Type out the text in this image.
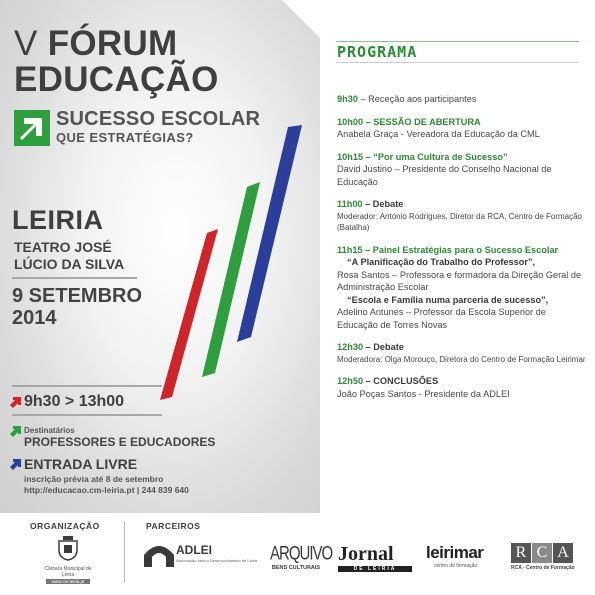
V FÓRUM
EDUCAÇÃO
SUCESSO ESCOLAR
QUE ESTRATÉGIAS?
LEIRIA
TEATRO JOSÉ
LÚCIO DA SILVA
9 SETEMBRO
2014
9h30 > 13h00
Destinatários
PROFESSORES E EDUCADORES
ENTRADA LIVRE
inscrição prévia até 8 de setembro
http://educacao.cm-leiria.pt | 244 839 640
PROGRAMA
9h30 – Receção aos participantes
10h00 – SESSÃO DE ABERTURA
Anabela Graça - Vereadora da Educação da CML
10h15 – “Por uma Cultura de Sucesso”
David Justino – Presidente do Conselho Nacional de Educação
11h00 – Debate
Moderador: António Rodrigues, Diretor da RCA, Centro de Formação (Batalha)
11h15 – Painel Estratégias para o Sucesso Escolar
“A Planificação do Trabalho do Professor”,
Rosa Santos – Professora e formadora da Direção Geral de Administração Escolar
“Escola e Família numa parceria de sucesso”,
Adelino Antunes – Professor da Escola Superior de Educação de Torres Novas
12h30 – Debate
Moderadora: Olga Morouço, Diretora do Centro de Formação Leirimar
12h50 – CONCLUSÕES
João Poças Santos - Presidente da ADLEI
ORGANIZAÇÃO	PARCEIROS
Câmara Municipal de Leiria
www.cm-leiria.pt
ADLEI
Associação para o Desenvolvimento de Leiria ARQUIVO
BENS CULTURAIS
Jornal
DE LEIRIA
leirimar
centro de formação
R C A
RCA - Centro de Formação
